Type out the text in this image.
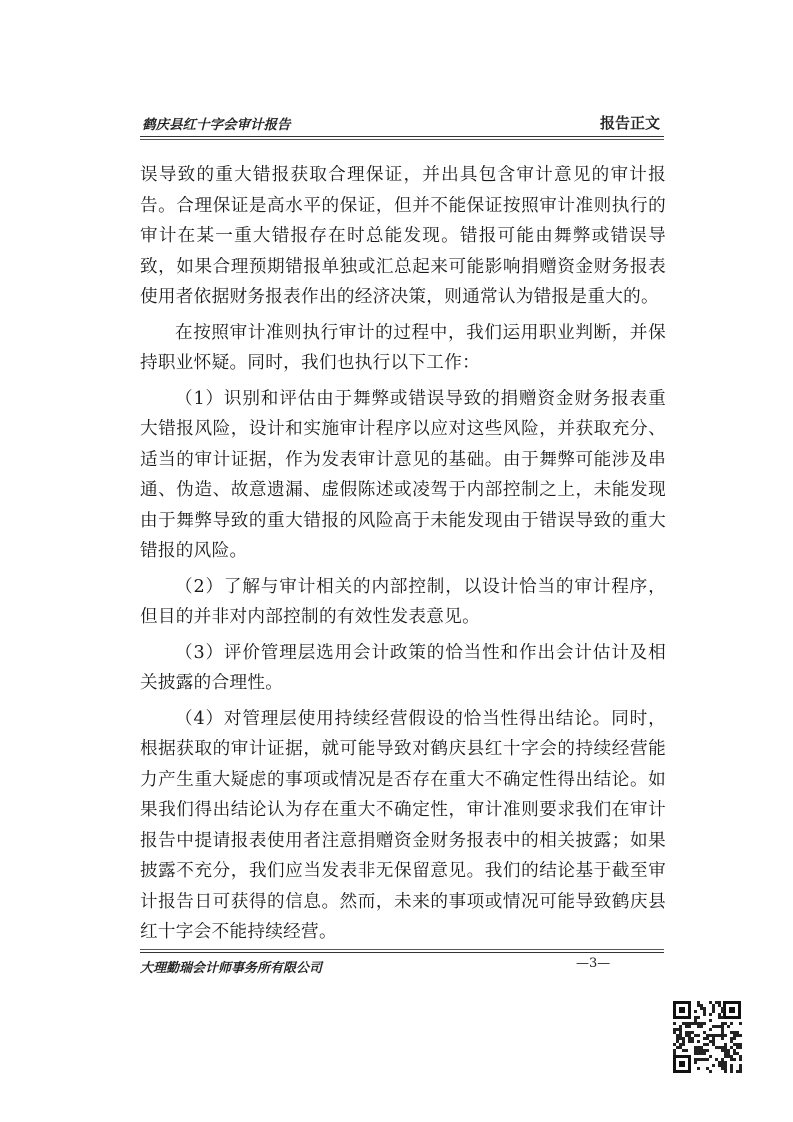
鹤庆县红十字会审计报告	报告正文

误导致的重大错报获取合理保证，并出具包含审计意见的审计报告。合理保证是高水平的保证，但并不能保证按照审计准则执行的审计在某一重大错报存在时总能发现。错报可能由舞弊或错误导致，如果合理预期错报单独或汇总起来可能影响捐赠资金财务报表使用者依据财务报表作出的经济决策，则通常认为错报是重大的。

在按照审计准则执行审计的过程中，我们运用职业判断，并保持职业怀疑。同时，我们也执行以下工作：

（1）识别和评估由于舞弊或错误导致的捐赠资金财务报表重大错报风险，设计和实施审计程序以应对这些风险，并获取充分、适当的审计证据，作为发表审计意见的基础。由于舞弊可能涉及串通、伪造、故意遗漏、虚假陈述或凌驾于内部控制之上，未能发现由于舞弊导致的重大错报的风险高于未能发现由于错误导致的重大错报的风险。

（2）了解与审计相关的内部控制，以设计恰当的审计程序，但目的并非对内部控制的有效性发表意见。

（3）评价管理层选用会计政策的恰当性和作出会计估计及相关披露的合理性。

（4）对管理层使用持续经营假设的恰当性得出结论。同时，根据获取的审计证据，就可能导致对鹤庆县红十字会的持续经营能力产生重大疑虑的事项或情况是否存在重大不确定性得出结论。如果我们得出结论认为存在重大不确定性，审计准则要求我们在审计报告中提请报表使用者注意捐赠资金财务报表中的相关披露；如果披露不充分，我们应当发表非无保留意见。我们的结论基于截至审计报告日可获得的信息。然而，未来的事项或情况可能导致鹤庆县红十字会不能持续经营。

大理勤瑞会计师事务所有限公司	—3—
